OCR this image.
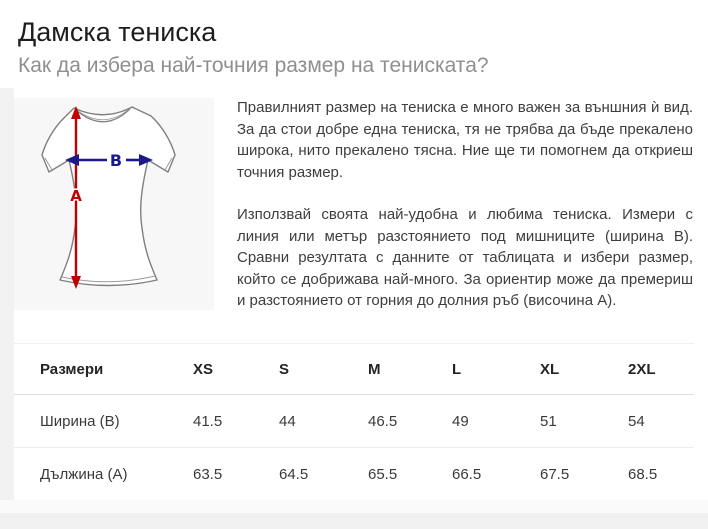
Дамска тениска
Как да избера най-точния размер на тениската?
A
B

Правилният размер на тениска е много важен за външния ѝ вид. За да стои добре една тениска, тя не трябва да бъде прекалено широка, нито прекалено тясна. Ние ще ти помогнем да откриеш точния размер.

Използвай своята най-удобна и любима тениска. Измери с линия или метър разстоянието под мишниците (ширина B). Сравни резултата с данните от таблицата и избери размер, който се добрижава най-много. За ориентир може да премериш и разстоянието от горния до долния ръб (височина A).

Размери	XS	S	M	L	XL	2XL
Ширина (B)	41.5	44	46.5	49	51	54
Дължина (A)	63.5	64.5	65.5	66.5	67.5	68.5
